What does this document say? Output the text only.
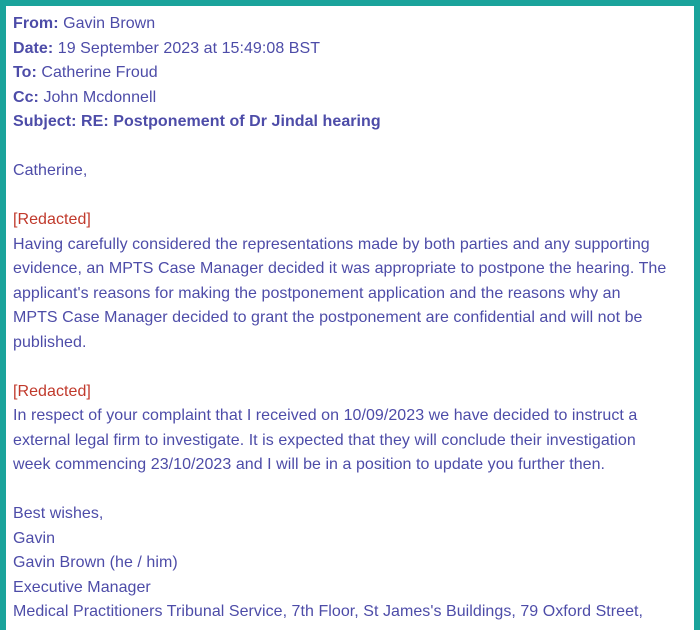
From: Gavin Brown
Date: 19 September 2023 at 15:49:08 BST
To: Catherine Froud
Cc: John Mcdonnell
Subject: RE: Postponement of Dr Jindal hearing
Catherine,
[Redacted]
Having carefully considered the representations made by both parties and any supporting
evidence, an MPTS Case Manager decided it was appropriate to postpone the hearing. The
applicant's reasons for making the postponement application and the reasons why an
MPTS Case Manager decided to grant the postponement are confidential and will not be
published.
[Redacted]
In respect of your complaint that I received on 10/09/2023 we have decided to instruct a
external legal firm to investigate. It is expected that they will conclude their investigation
week commencing 23/10/2023 and I will be in a position to update you further then.
Best wishes,
Gavin
Gavin Brown (he / him)
Executive Manager
Medical Practitioners Tribunal Service, 7th Floor, St James's Buildings, 79 Oxford Street,
